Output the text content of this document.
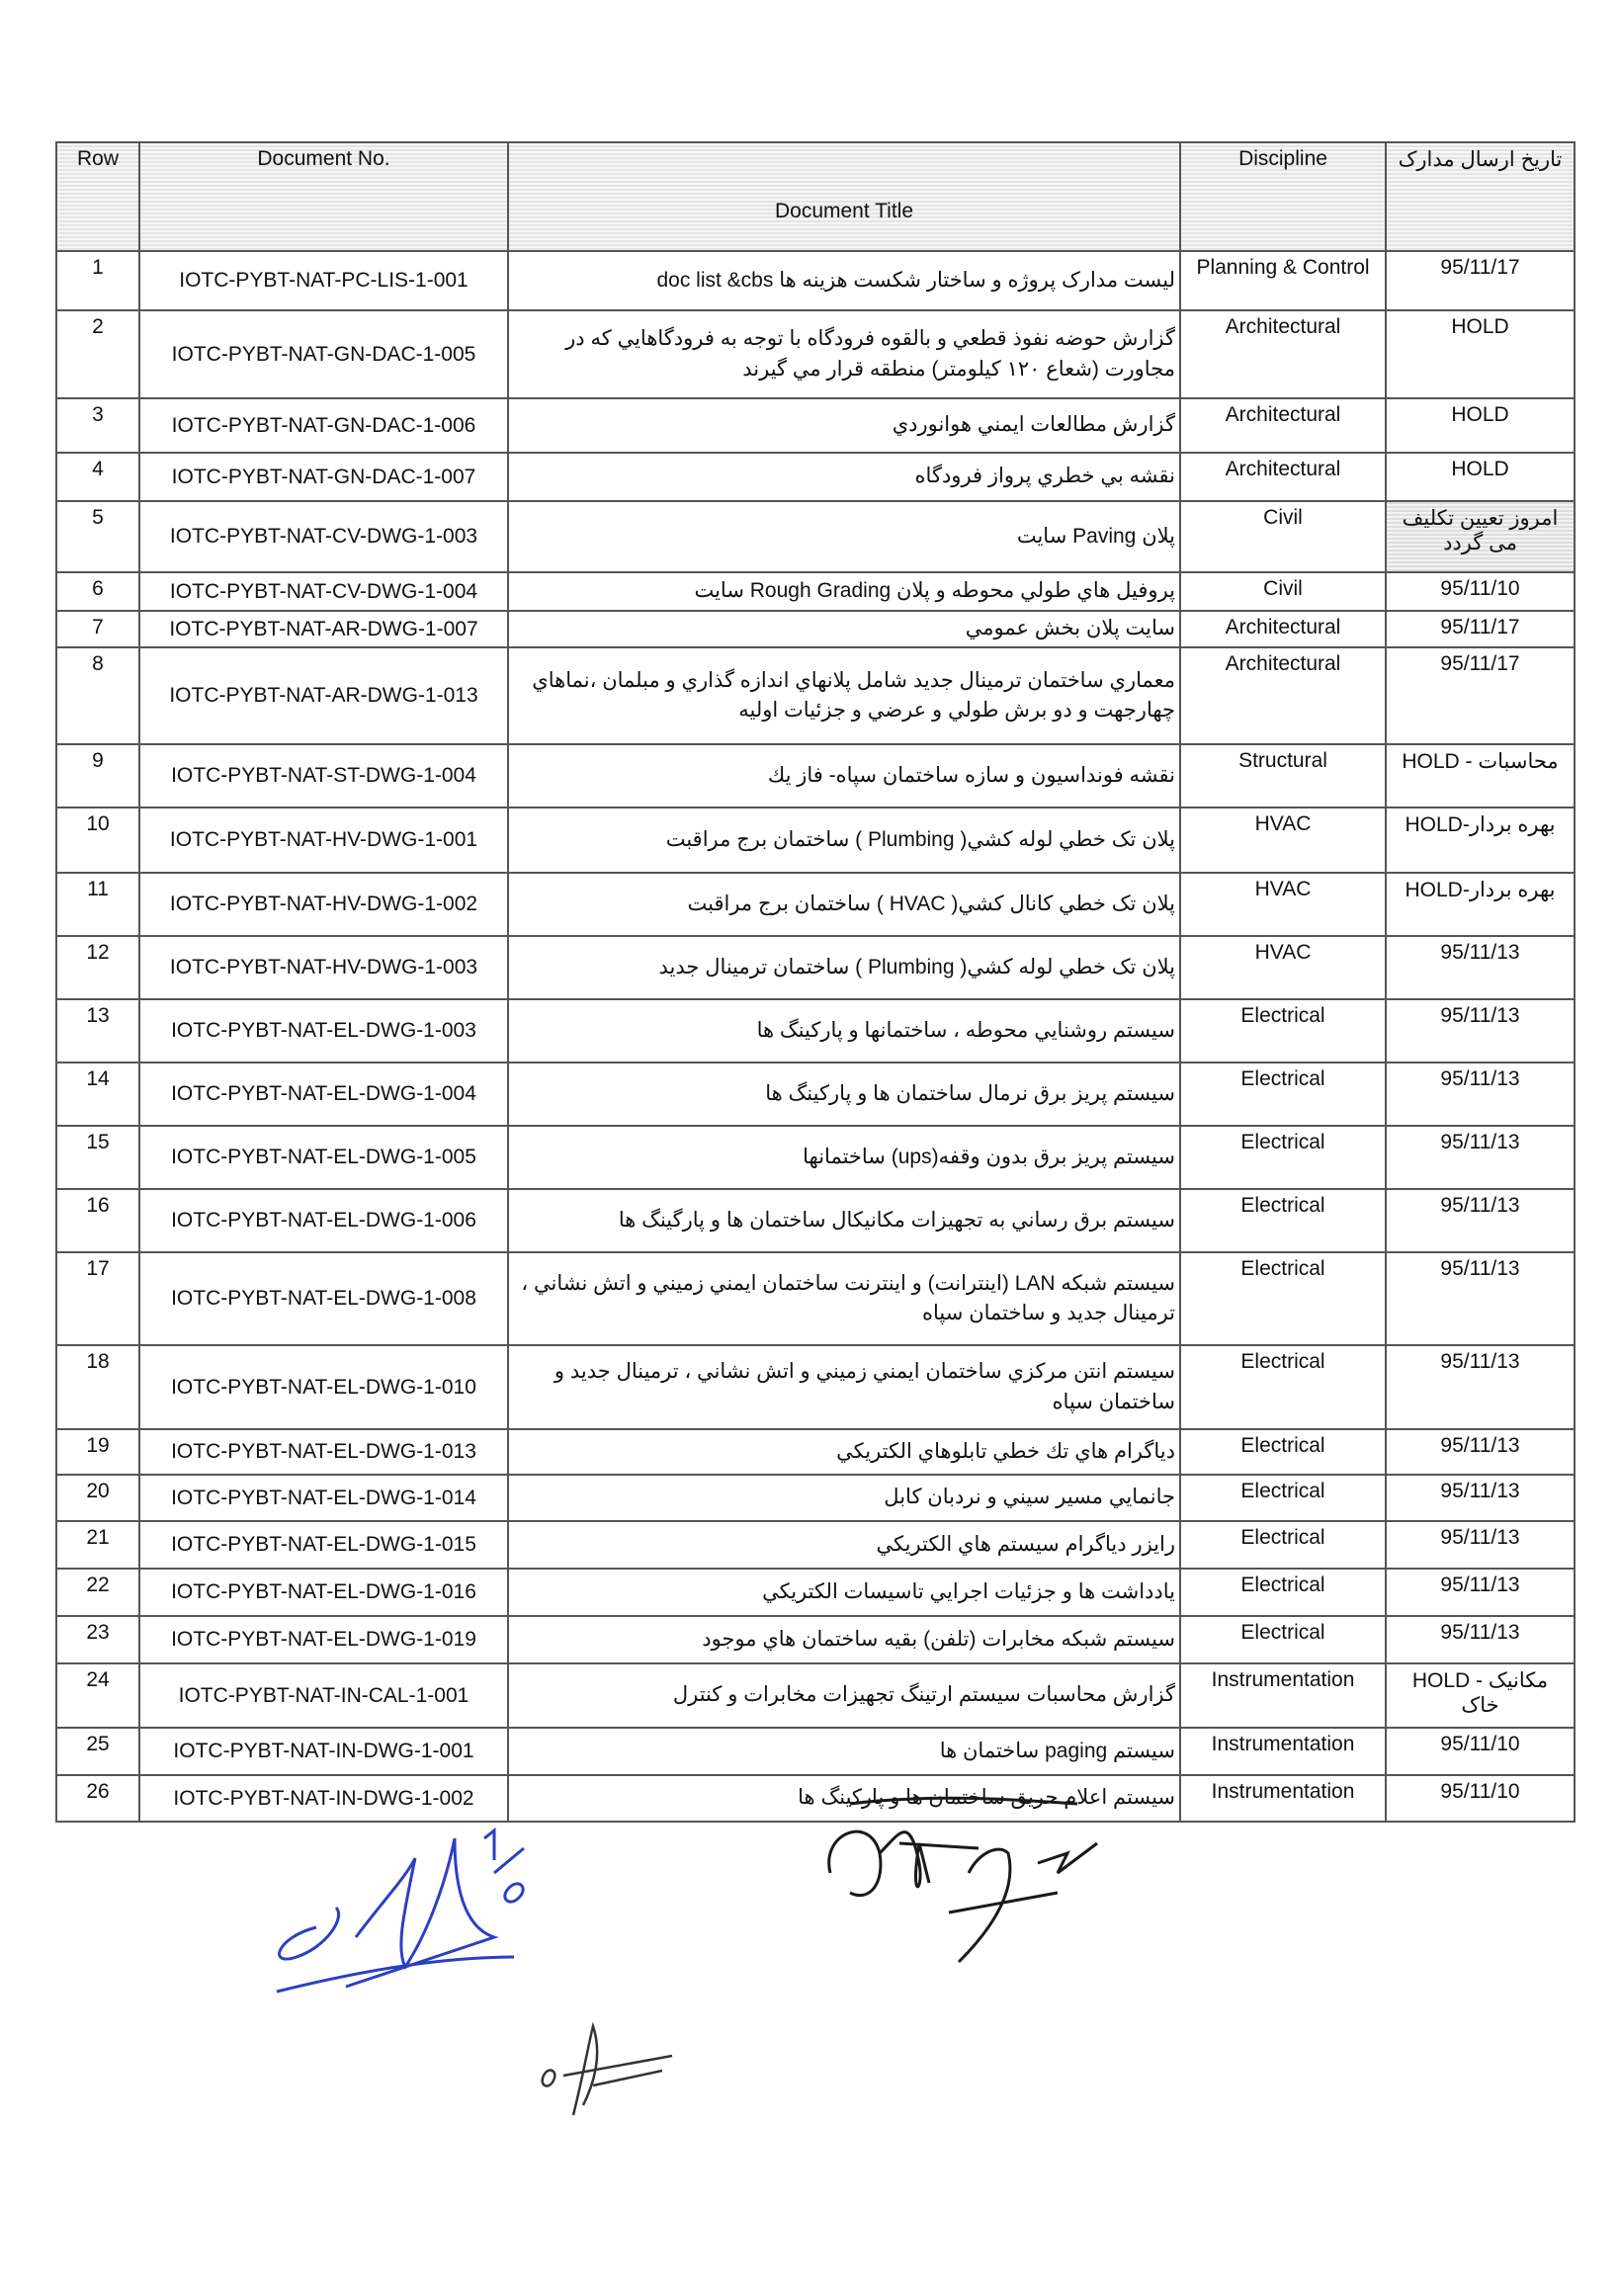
Row	Document No.	Document Title	Discipline	تاريخ ارسال مدارک
1	IOTC-PYBT-NAT-PC-LIS-1-001	ليست مدارک پروژه و ساختار شکست هزينه ها doc list &cbs	Planning & Control	95/11/17
2	IOTC-PYBT-NAT-GN-DAC-1-005	گزارش حوضه نفوذ قطعي و بالقوه فرودگاه با توجه به فرودگاهايي كه در مجاورت (شعاع ۱۲۰ كيلومتر) منطقه قرار مي گيرند	Architectural	HOLD
3	IOTC-PYBT-NAT-GN-DAC-1-006	گزارش مطالعات ايمني هوانوردي	Architectural	HOLD
4	IOTC-PYBT-NAT-GN-DAC-1-007	نقشه بي خطري پرواز فرودگاه	Architectural	HOLD
5	IOTC-PYBT-NAT-CV-DWG-1-003	پلان Paving سايت	Civil	امروز تعيين تكليف مى گردد
6	IOTC-PYBT-NAT-CV-DWG-1-004	پروفيل هاي طولي محوطه و پلان Rough Grading سايت	Civil	95/11/10
7	IOTC-PYBT-NAT-AR-DWG-1-007	سايت پلان بخش عمومي	Architectural	95/11/17
8	IOTC-PYBT-NAT-AR-DWG-1-013	معماري ساختمان ترمينال جديد شامل پلانهاي اندازه گذاري و مبلمان ،نماهاي چهارجهت و دو برش طولي و عرضي و جزئيات اوليه	Architectural	95/11/17
9	IOTC-PYBT-NAT-ST-DWG-1-004	نقشه فونداسيون و سازه ساختمان سپاه- فاز يك	Structural	HOLD - محاسبات
10	IOTC-PYBT-NAT-HV-DWG-1-001	پلان تک خطي لوله کشي( Plumbing ) ساختمان برج مراقبت	HVAC	HOLD-بهره بردار
11	IOTC-PYBT-NAT-HV-DWG-1-002	پلان تک خطي کانال کشي( HVAC ) ساختمان برج مراقبت	HVAC	HOLD-بهره بردار
12	IOTC-PYBT-NAT-HV-DWG-1-003	پلان تک خطي لوله کشي( Plumbing ) ساختمان ترمينال جديد	HVAC	95/11/13
13	IOTC-PYBT-NAT-EL-DWG-1-003	سيستم روشنايي محوطه ، ساختمانها و پاركينگ ها	Electrical	95/11/13
14	IOTC-PYBT-NAT-EL-DWG-1-004	سيستم پريز برق نرمال ساختمان ها و پاركينگ ها	Electrical	95/11/13
15	IOTC-PYBT-NAT-EL-DWG-1-005	سيستم پريز برق بدون وقفه(ups) ساختمانها	Electrical	95/11/13
16	IOTC-PYBT-NAT-EL-DWG-1-006	سيستم برق رساني به تجهيزات مكانيكال ساختمان ها و پارگينگ ها	Electrical	95/11/13
17	IOTC-PYBT-NAT-EL-DWG-1-008	سيستم شبكه LAN (اينترانت) و اينترنت ساختمان ايمني زميني و اتش نشاني ، ترمينال جديد و ساختمان سپاه	Electrical	95/11/13
18	IOTC-PYBT-NAT-EL-DWG-1-010	سيستم انتن مركزي ساختمان ايمني زميني و اتش نشاني ، ترمينال جديد و ساختمان سپاه	Electrical	95/11/13
19	IOTC-PYBT-NAT-EL-DWG-1-013	دياگرام هاي تك خطي تابلوهاي الكتريكي	Electrical	95/11/13
20	IOTC-PYBT-NAT-EL-DWG-1-014	جانمايي مسير سيني و نردبان كابل	Electrical	95/11/13
21	IOTC-PYBT-NAT-EL-DWG-1-015	رايزر دياگرام سيستم هاي الكتريكي	Electrical	95/11/13
22	IOTC-PYBT-NAT-EL-DWG-1-016	يادداشت ها و جزئيات اجرايي تاسيسات الكتريكي	Electrical	95/11/13
23	IOTC-PYBT-NAT-EL-DWG-1-019	سيستم شبكه مخابرات (تلفن) بقيه ساختمان هاي موجود	Electrical	95/11/13
24	IOTC-PYBT-NAT-IN-CAL-1-001	گزارش محاسبات سيستم ارتينگ تجهيزات مخابرات و كنترل	Instrumentation	HOLD - مکانیک خاک
25	IOTC-PYBT-NAT-IN-DWG-1-001	سيستم paging ساختمان ها	Instrumentation	95/11/10
26	IOTC-PYBT-NAT-IN-DWG-1-002	سيستم اعلام حريق ساختمان ها و پاركينگ ها	Instrumentation	95/11/10
